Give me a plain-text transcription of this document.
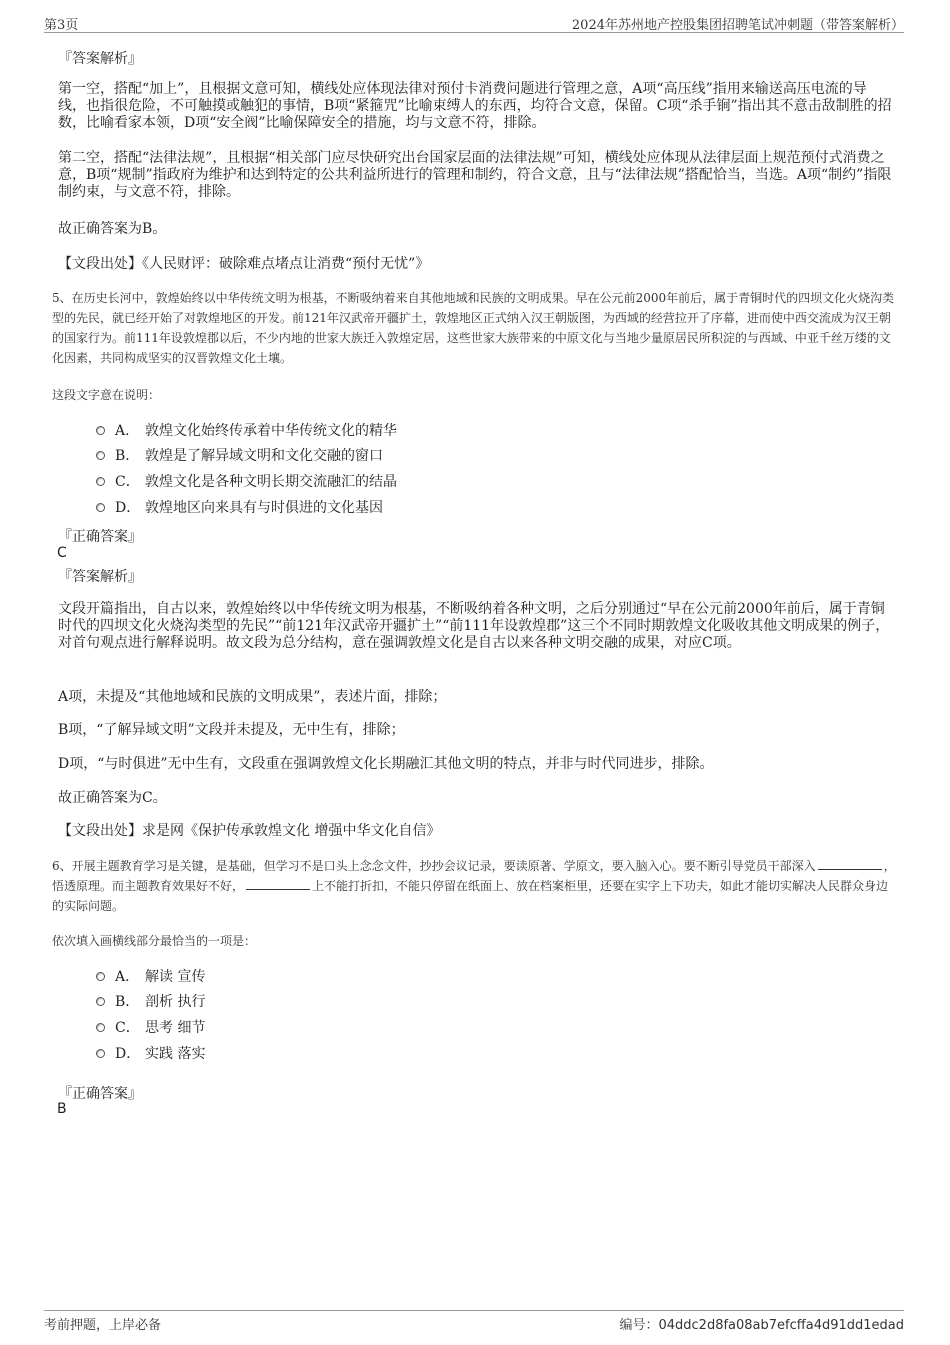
第3页	2024年苏州地产控股集团招聘笔试冲刺题（带答案解析）
『答案解析』
第一空，搭配“加上”，且根据文意可知，横线处应体现法律对预付卡消费问题进行管理之意，A项“高压线”指用来输送高压电流的导线，也指很危险，不可触摸或触犯的事情，B项“紧箍咒”比喻束缚人的东西，均符合文意，保留。C项“杀手锏”指出其不意击敌制胜的招数，比喻看家本领，D项“安全阀”比喻保障安全的措施，均与文意不符，排除。
第二空，搭配“法律法规”，且根据“相关部门应尽快研究出台国家层面的法律法规”可知，横线处应体现从法律层面上规范预付式消费之意，B项“规制”指政府为维护和达到特定的公共利益所进行的管理和制约，符合文意，且与“法律法规”搭配恰当，当选。A项“制约”指限制约束，与文意不符，排除。
故正确答案为B。
【文段出处】《人民财评：破除难点堵点让消费“预付无忧”》
5、在历史长河中，敦煌始终以中华传统文明为根基，不断吸纳着来自其他地域和民族的文明成果。早在公元前2000年前后，属于青铜时代的四坝文化火烧沟类型的先民，就已经开始了对敦煌地区的开发。前121年汉武帝开疆扩土，敦煌地区正式纳入汉王朝版图，为西域的经营拉开了序幕，进而使中西交流成为汉王朝的国家行为。前111年设敦煌郡以后，不少内地的世家大族迁入敦煌定居，这些世家大族带来的中原文化与当地少量原居民所积淀的与西域、中亚千丝万缕的文化因素，共同构成坚实的汉晋敦煌文化土壤。
这段文字意在说明：
A． 敦煌文化始终传承着中华传统文化的精华
B． 敦煌是了解异域文明和文化交融的窗口
C． 敦煌文化是各种文明长期交流融汇的结晶
D． 敦煌地区向来具有与时俱进的文化基因
『正确答案』
C
『答案解析』
文段开篇指出，自古以来，敦煌始终以中华传统文明为根基，不断吸纳着各种文明，之后分别通过“早在公元前2000年前后，属于青铜时代的四坝文化火烧沟类型的先民”“前121年汉武帝开疆扩土”“前111年设敦煌郡”这三个不同时期敦煌文化吸收其他文明成果的例子，对首句观点进行解释说明。故文段为总分结构，意在强调敦煌文化是自古以来各种文明交融的成果，对应C项。
A项，未提及“其他地域和民族的文明成果”，表述片面，排除；
B项，“了解异域文明”文段并未提及，无中生有，排除；
D项，“与时俱进”无中生有，文段重在强调敦煌文化长期融汇其他文明的特点，并非与时代同进步，排除。
故正确答案为C。
【文段出处】求是网《保护传承敦煌文化 增强中华文化自信》
6、开展主题教育学习是关键，是基础，但学习不是口头上念念文件，抄抄会议记录，要读原著、学原文，要入脑入心。要不断引导党员干部深入	，悟透原理。而主题教育效果好不好，	上不能打折扣，不能只停留在纸面上、放在档案柜里，还要在实字上下功夫，如此才能切实解决人民群众身边的实际问题。
依次填入画横线部分最恰当的一项是：
A． 解读 宣传
B． 剖析 执行
C． 思考 细节
D． 实践 落实
『正确答案』
B
考前押题，上岸必备	编号：04ddc2d8fa08ab7efcffa4d91dd1edad
